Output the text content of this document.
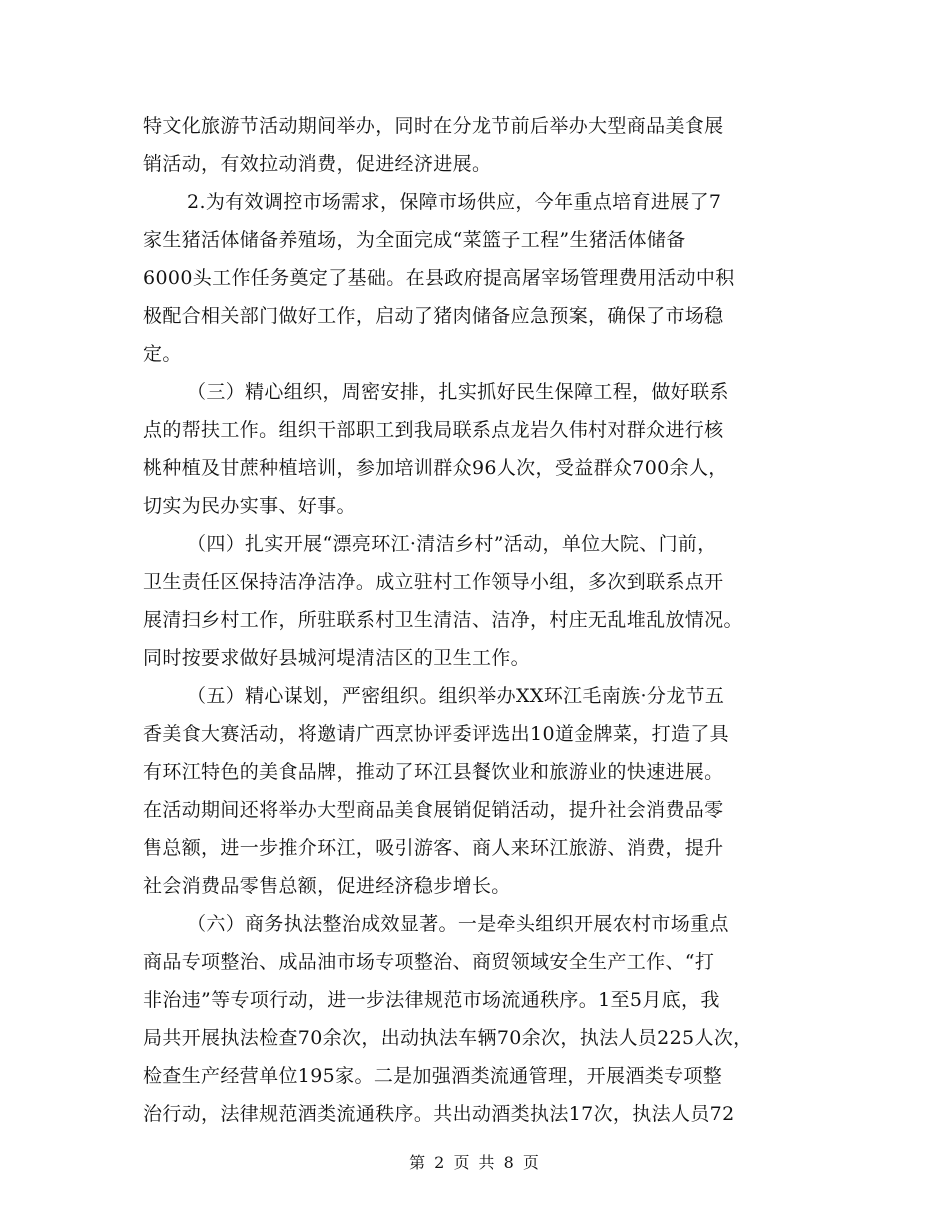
特文化旅游节活动期间举办，同时在分龙节前后举办大型商品美食展
销活动，有效拉动消费，促进经济进展。
2.为有效调控市场需求，保障市场供应，今年重点培育进展了7
家生猪活体储备养殖场，为全面完成“菜篮子工程”生猪活体储备
6000头工作任务奠定了基础。在县政府提高屠宰场管理费用活动中积
极配合相关部门做好工作，启动了猪肉储备应急预案，确保了市场稳
定。
（三）精心组织，周密安排，扎实抓好民生保障工程，做好联系
点的帮扶工作。组织干部职工到我局联系点龙岩久伟村对群众进行核
桃种植及甘蔗种植培训，参加培训群众96人次，受益群众700余人，
切实为民办实事、好事。
（四）扎实开展“漂亮环江·清洁乡村”活动，单位大院、门前，
卫生责任区保持洁净洁净。成立驻村工作领导小组，多次到联系点开
展清扫乡村工作，所驻联系村卫生清洁、洁净，村庄无乱堆乱放情况。
同时按要求做好县城河堤清洁区的卫生工作。
（五）精心谋划，严密组织。组织举办XX环江毛南族·分龙节五
香美食大赛活动，将邀请广西烹协评委评选出10道金牌菜，打造了具
有环江特色的美食品牌，推动了环江县餐饮业和旅游业的快速进展。
在活动期间还将举办大型商品美食展销促销活动，提升社会消费品零
售总额，进一步推介环江，吸引游客、商人来环江旅游、消费，提升
社会消费品零售总额，促进经济稳步增长。
（六）商务执法整治成效显著。一是牵头组织开展农村市场重点
商品专项整治、成品油市场专项整治、商贸领域安全生产工作、“打
非治违”等专项行动，进一步法律规范市场流通秩序。1至5月底，我
局共开展执法检查70余次，出动执法车辆70余次，执法人员225人次，
检查生产经营单位195家。二是加强酒类流通管理，开展酒类专项整
治行动，法律规范酒类流通秩序。共出动酒类执法17次，执法人员72
第 2 页 共 8 页
